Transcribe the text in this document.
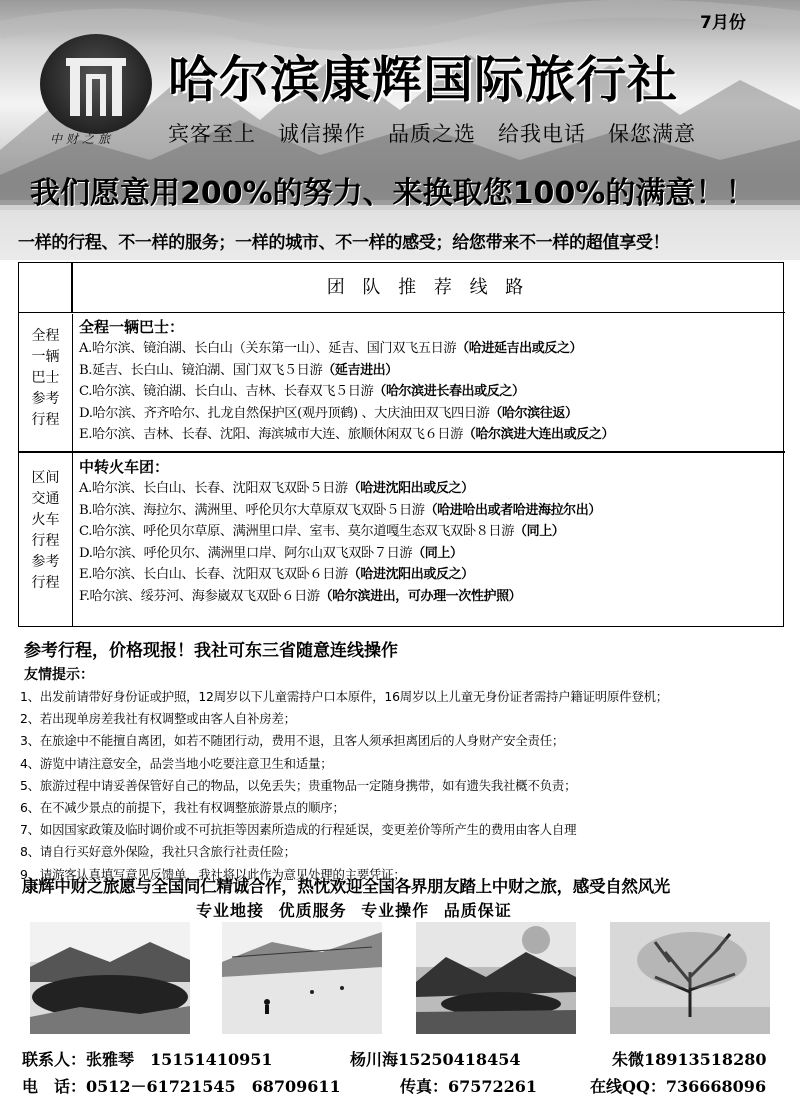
7月份
中财之旅
哈尔滨康辉国际旅行社
宾客至上　诚信操作　品质之选　给我电话　保您满意
我们愿意用200%的努力、来换取您100%的满意！！
一样的行程、不一样的服务；一样的城市、不一样的感受；给您带来不一样的超值享受！
团 队 推 荐 线 路
全程
一辆
巴士
参考
行程
全程一辆巴士：
A.哈尔滨、镜泊湖、长白山（关东第一山）、延吉、国门双飞五日游（哈进延吉出或反之）
B.延吉、长白山、镜泊湖、国门双飞５日游（延吉进出）
C.哈尔滨、镜泊湖、长白山、吉林、长春双飞５日游（哈尔滨进长春出或反之）
D.哈尔滨、齐齐哈尔、扎龙自然保护区(观丹顶鹤) 、大庆油田双飞四日游（哈尔滨往返）
E.哈尔滨、吉林、长春、沈阳、海滨城市大连、旅顺休闲双飞６日游（哈尔滨进大连出或反之）
区间
交通
火车
行程
参考
行程
中转火车团：
A.哈尔滨、长白山、长春、沈阳双飞双卧５日游（哈进沈阳出或反之）
B.哈尔滨、海拉尔、满洲里、呼伦贝尔大草原双飞双卧５日游（哈进哈出或者哈进海拉尔出）
C.哈尔滨、呼伦贝尔草原、满洲里口岸、室韦、莫尔道嘎生态双飞双卧８日游（同上）
D.哈尔滨、呼伦贝尔、满洲里口岸、阿尔山双飞双卧７日游（同上）
E.哈尔滨、长白山、长春、沈阳双飞双卧６日游（哈进沈阳出或反之）
F.哈尔滨、绥芬河、海参崴双飞双卧６日游（哈尔滨进出，可办理一次性护照）
参考行程，价格现报！我社可东三省随意连线操作
友情提示：
1、出发前请带好身份证或护照，12周岁以下儿童需持户口本原件，16周岁以上儿童无身份证者需持户籍证明原件登机；
2、若出现单房差我社有权调整或由客人自补房差；
3、在旅途中不能擅自离团，如若不随团行动，费用不退，且客人须承担离团后的人身财产安全责任；
4、游览中请注意安全，品尝当地小吃要注意卫生和适量；
5、旅游过程中请妥善保管好自己的物品，以免丢失；贵重物品一定随身携带，如有遗失我社概不负责；
6、在不减少景点的前提下，我社有权调整旅游景点的顺序；
7、如因国家政策及临时调价或不可抗拒等因素所造成的行程延误，变更差价等所产生的费用由客人自理
8、请自行买好意外保险，我社只含旅行社责任险；
9、请游客认真填写意见反馈单，我社将以此作为意见处理的主要凭证；
康辉中财之旅愿与全国同仁精诚合作，热忱欢迎全国各界朋友踏上中财之旅，感受自然风光
专业地接 优质服务 专业操作 品质保证
联系人：张雅琴　15151410951	杨川海15250418454	朱微18913518280
电　话：0512－61721545　68709611	传真：67572261	在线QQ：736668096
